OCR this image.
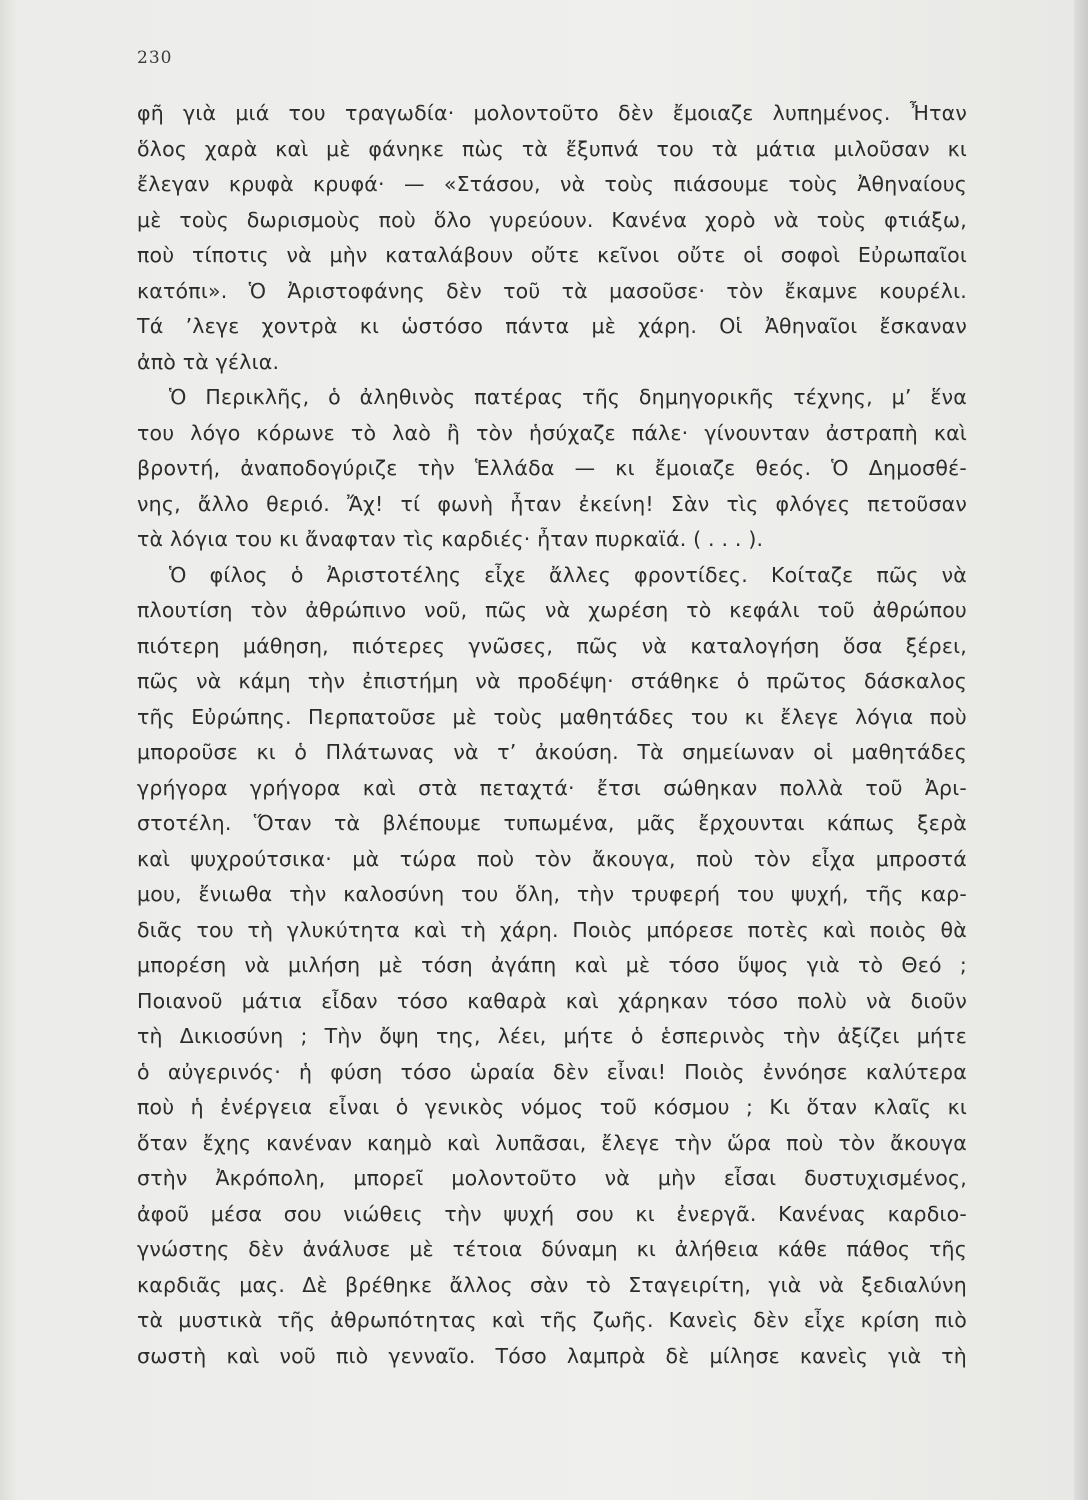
230
φῆ γιὰ μιά του τραγωδία· μολοντοῦτο δὲν ἔμοιαζε λυπημένος. Ἦταν
ὅλος χαρὰ καὶ μὲ φάνηκε πὼς τὰ ἔξυπνά του τὰ μάτια μιλοῦσαν κι
ἔλεγαν κρυφὰ κρυφά· — «Στάσου, νὰ τοὺς πιάσουμε τοὺς Ἀθηναίους
μὲ τοὺς δωρισμοὺς ποὺ ὅλο γυρεύουν. Κανένα χορὸ νὰ τοὺς φτιάξω,
ποὺ τίποτις νὰ μὴν καταλάβουν οὔτε κεῖνοι οὔτε οἱ σοφοὶ Εὐρωπαῖοι
κατόπι». Ὁ Ἀριστοφάνης δὲν τοῦ τὰ μασοῦσε· τὸν ἔκαμνε κουρέλι.
Τά ’λεγε χοντρὰ κι ὡστόσο πάντα μὲ χάρη. Οἱ Ἀθηναῖοι ἔσκαναν
ἀπὸ τὰ γέλια.
Ὁ Περικλῆς, ὁ ἀληθινὸς πατέρας τῆς δημηγορικῆς τέχνης, μ’ ἕνα
του λόγο κόρωνε τὸ λαὸ ἢ τὸν ἡσύχαζε πάλε· γίνουνταν ἀστραπὴ καὶ
βροντή, ἀναποδογύριζε τὴν Ἑλλάδα — κι ἔμοιαζε θεός. Ὁ Δημοσθέ-
νης, ἄλλο θεριό. Ἄχ! τί φωνὴ ἦταν ἐκείνη! Σὰν τὶς φλόγες πετοῦσαν
τὰ λόγια του κι ἄναφταν τὶς καρδιές· ἦταν πυρκαϊά. ( . . . ).
Ὁ φίλος ὁ Ἀριστοτέλης εἶχε ἄλλες φροντίδες. Κοίταζε πῶς νὰ
πλουτίση τὸν ἀθρώπινο νοῦ, πῶς νὰ χωρέση τὸ κεφάλι τοῦ ἀθρώπου
πιότερη μάθηση, πιότερες γνῶσες, πῶς νὰ καταλογήση ὅσα ξέρει,
πῶς νὰ κάμη τὴν ἐπιστήμη νὰ προδέψη· στάθηκε ὁ πρῶτος δάσκαλος
τῆς Εὐρώπης. Περπατοῦσε μὲ τοὺς μαθητάδες του κι ἔλεγε λόγια ποὺ
μποροῦσε κι ὁ Πλάτωνας νὰ τ’ ἀκούση. Τὰ σημείωναν οἱ μαθητάδες
γρήγορα γρήγορα καὶ στὰ πεταχτά· ἔτσι σώθηκαν πολλὰ τοῦ Ἀρι-
στοτέλη. Ὅταν τὰ βλέπουμε τυπωμένα, μᾶς ἔρχουνται κάπως ξερὰ
καὶ ψυχρούτσικα· μὰ τώρα ποὺ τὸν ἄκουγα, ποὺ τὸν εἶχα μπροστά
μου, ἔνιωθα τὴν καλοσύνη του ὅλη, τὴν τρυφερή του ψυχή, τῆς καρ-
διᾶς του τὴ γλυκύτητα καὶ τὴ χάρη. Ποιὸς μπόρεσε ποτὲς καὶ ποιὸς θὰ
μπορέση νὰ μιλήση μὲ τόση ἀγάπη καὶ μὲ τόσο ὕψος γιὰ τὸ Θεό ;
Ποιανοῦ μάτια εἶδαν τόσο καθαρὰ καὶ χάρηκαν τόσο πολὺ νὰ διοῦν
τὴ Δικιοσύνη ; Τὴν ὄψη της, λέει, μήτε ὁ ἑσπερινὸς τὴν ἀξίζει μήτε
ὁ αὐγερινός· ἡ φύση τόσο ὡραία δὲν εἶναι! Ποιὸς ἐννόησε καλύτερα
ποὺ ἡ ἐνέργεια εἶναι ὁ γενικὸς νόμος τοῦ κόσμου ; Κι ὅταν κλαῖς κι
ὅταν ἔχης κανέναν καημὸ καὶ λυπᾶσαι, ἔλεγε τὴν ὥρα ποὺ τὸν ἄκουγα
στὴν Ἀκρόπολη, μπορεῖ μολοντοῦτο νὰ μὴν εἶσαι δυστυχισμένος,
ἀφοῦ μέσα σου νιώθεις τὴν ψυχή σου κι ἐνεργᾶ. Κανένας καρδιο-
γνώστης δὲν ἀνάλυσε μὲ τέτοια δύναμη κι ἀλήθεια κάθε πάθος τῆς
καρδιᾶς μας. Δὲ βρέθηκε ἄλλος σὰν τὸ Σταγειρίτη, γιὰ νὰ ξεδιαλύνη
τὰ μυστικὰ τῆς ἀθρωπότητας καὶ τῆς ζωῆς. Κανεὶς δὲν εἶχε κρίση πιὸ
σωστὴ καὶ νοῦ πιὸ γενναῖο. Τόσο λαμπρὰ δὲ μίλησε κανεὶς γιὰ τὴ
